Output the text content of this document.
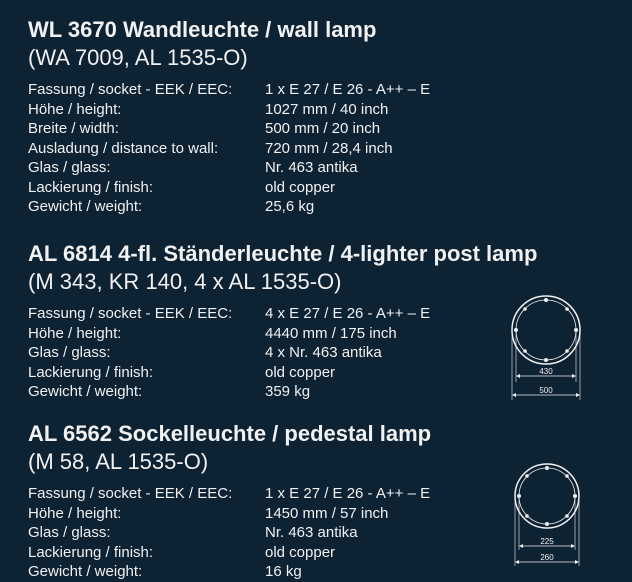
WL 3670 Wandleuchte / wall lamp
(WA 7009, AL 1535-O)
Fassung / socket - EEK / EEC:	1 x E 27 / E 26 - A++ – E
Höhe / height:	1027 mm / 40 inch
Breite / width:	500 mm / 20 inch
Ausladung / distance to wall:	720 mm / 28,4 inch
Glas / glass:	Nr. 463 antika
Lackierung / finish:	old copper
Gewicht / weight:	25,6 kg
AL 6814 4-fl. Ständerleuchte / 4-lighter post lamp
(M 343, KR 140, 4 x AL 1535-O)
Fassung / socket - EEK / EEC:	4 x E 27 / E 26 - A++ – E
Höhe / height:	4440 mm / 175 inch
Glas / glass:	4 x Nr. 463 antika
Lackierung / finish:	old copper
Gewicht / weight:	359 kg
AL 6562 Sockelleuchte / pedestal lamp
(M 58, AL 1535-O)
Fassung / socket - EEK / EEC:	1 x E 27 / E 26 - A++ – E
Höhe / height:	1450 mm / 57 inch
Glas / glass:	Nr. 463 antika
Lackierung / finish:	old copper
Gewicht / weight:	16 kg
430
500
225
260
